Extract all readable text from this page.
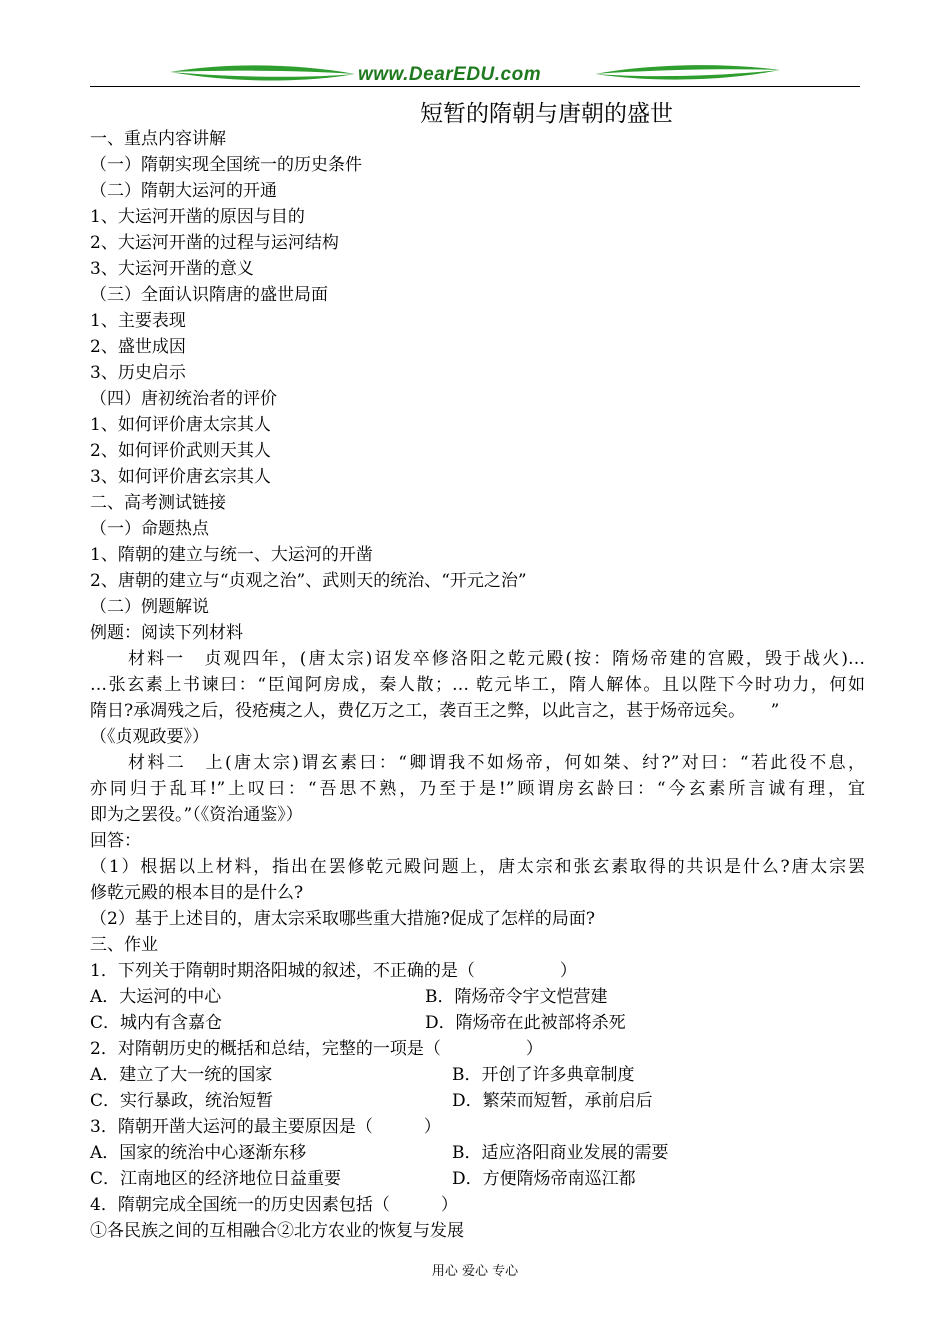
www.DearEDU.com
短暂的隋朝与唐朝的盛世
一、重点内容讲解
（一）隋朝实现全国统一的历史条件
（二）隋朝大运河的开通
1、大运河开凿的原因与目的
2、大运河开凿的过程与运河结构
3、大运河开凿的意义
（三）全面认识隋唐的盛世局面
1、主要表现
2、盛世成因
3、历史启示
（四）唐初统治者的评价
1、如何评价唐太宗其人
2、如何评价武则天其人
3、如何评价唐玄宗其人
二、高考测试链接
（一）命题热点
1、隋朝的建立与统一、大运河的开凿
2、唐朝的建立与“贞观之治”、武则天的统治、“开元之治”
（二）例题解说
例题：阅读下列材料
材料一　贞观四年，(唐太宗)诏发卒修洛阳之乾元殿(按：隋炀帝建的宫殿，毁于战火)…
…张玄素上书谏曰：“臣闻阿房成，秦人散；… 乾元毕工，隋人解体。且以陛下今时功力，何如
隋日?承凋残之后，役疮痍之人，费亿万之工，袭百王之弊，以此言之，甚于炀帝远矣。　　”
（《贞观政要》）
材料二　上(唐太宗)谓玄素曰：“卿谓我不如炀帝，何如桀、纣?”对曰：“若此役不息，
亦同归于乱耳!”上叹曰：“吾思不熟，乃至于是!”顾谓房玄龄曰：“今玄素所言诚有理，宜
即为之罢役。”（《资治通鉴》）
回答：
（1）根据以上材料，指出在罢修乾元殿问题上，唐太宗和张玄素取得的共识是什么?唐太宗罢
修乾元殿的根本目的是什么?
（2）基于上述目的，唐太宗采取哪些重大措施?促成了怎样的局面?
三、作业
1．下列关于隋朝时期洛阳城的叙述，不正确的是（　　　　　）
A．大运河的中心	B．隋炀帝令宇文恺营建
C．城内有含嘉仓	D．隋炀帝在此被部将杀死
2．对隋朝历史的概括和总结，完整的一项是（　　　　　）
A．建立了大一统的国家	B．开创了许多典章制度
C．实行暴政，统治短暂	D．繁荣而短暂，承前启后
3．隋朝开凿大运河的最主要原因是（　　　）
A．国家的统治中心逐渐东移	B．适应洛阳商业发展的需要
C．江南地区的经济地位日益重要	D．方便隋炀帝南巡江都
4．隋朝完成全国统一的历史因素包括（　　　）
①各民族之间的互相融合②北方农业的恢复与发展
用心 爱心 专心
